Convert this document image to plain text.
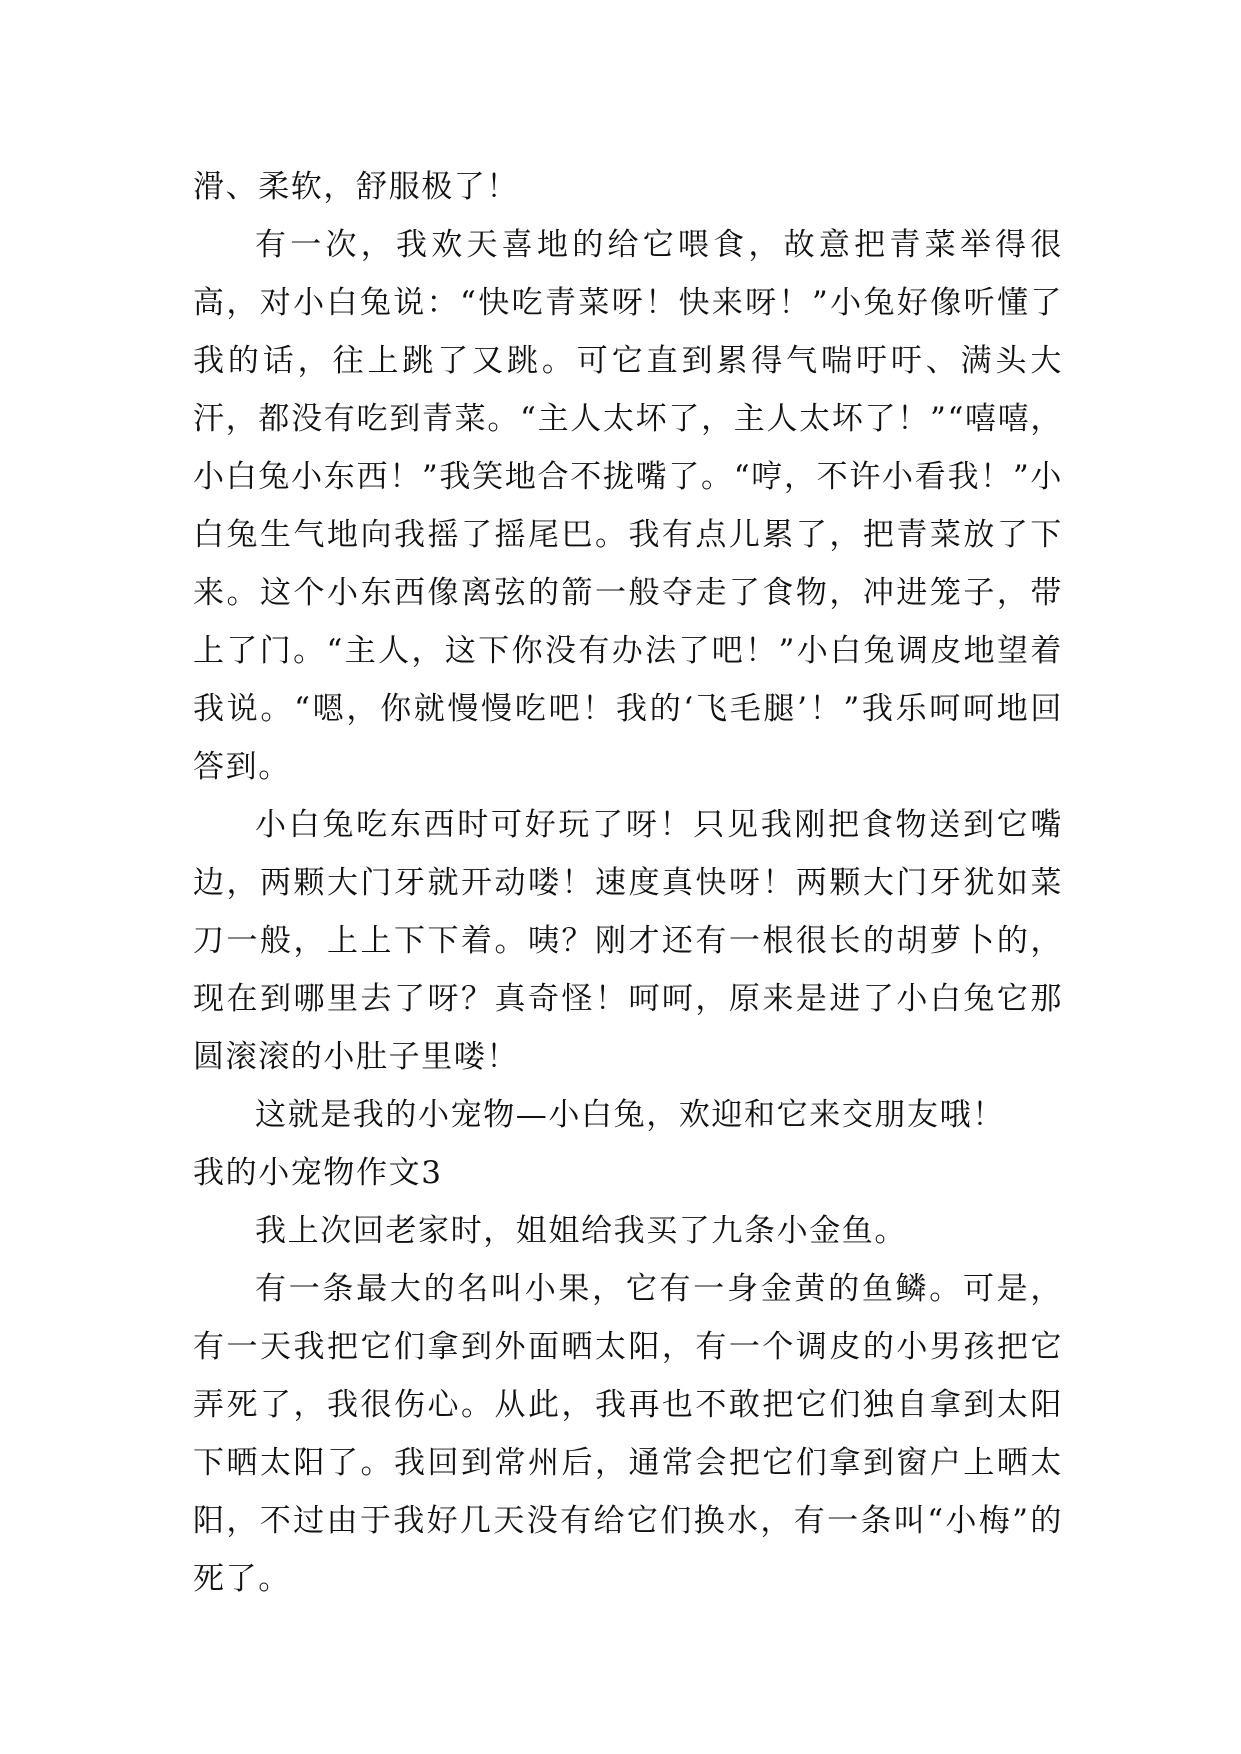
滑、柔软，舒服极了！

有一次，我欢天喜地的给它喂食，故意把青菜举得很高，对小白兔说：“快吃青菜呀！快来呀！”小兔好像听懂了我的话，往上跳了又跳。可它直到累得气喘吁吁、满头大汗，都没有吃到青菜。“主人太坏了，主人太坏了！”“嘻嘻，小白兔小东西！”我笑地合不拢嘴了。“哼，不许小看我！”小白兔生气地向我摇了摇尾巴。我有点儿累了，把青菜放了下来。这个小东西像离弦的箭一般夺走了食物，冲进笼子，带上了门。“主人，这下你没有办法了吧！”小白兔调皮地望着我说。“嗯，你就慢慢吃吧！我的‘飞毛腿’！”我乐呵呵地回答到。

小白兔吃东西时可好玩了呀！只见我刚把食物送到它嘴边，两颗大门牙就开动喽！速度真快呀！两颗大门牙犹如菜刀一般，上上下下着。咦？刚才还有一根很长的胡萝卜的，现在到哪里去了呀？真奇怪！呵呵，原来是进了小白兔它那圆滚滚的小肚子里喽！

这就是我的小宠物—小白兔，欢迎和它来交朋友哦！

我的小宠物作文3

我上次回老家时，姐姐给我买了九条小金鱼。

有一条最大的名叫小果，它有一身金黄的鱼鳞。可是，有一天我把它们拿到外面晒太阳，有一个调皮的小男孩把它弄死了，我很伤心。从此，我再也不敢把它们独自拿到太阳下晒太阳了。我回到常州后，通常会把它们拿到窗户上晒太阳，不过由于我好几天没有给它们换水，有一条叫“小梅”的死了。
